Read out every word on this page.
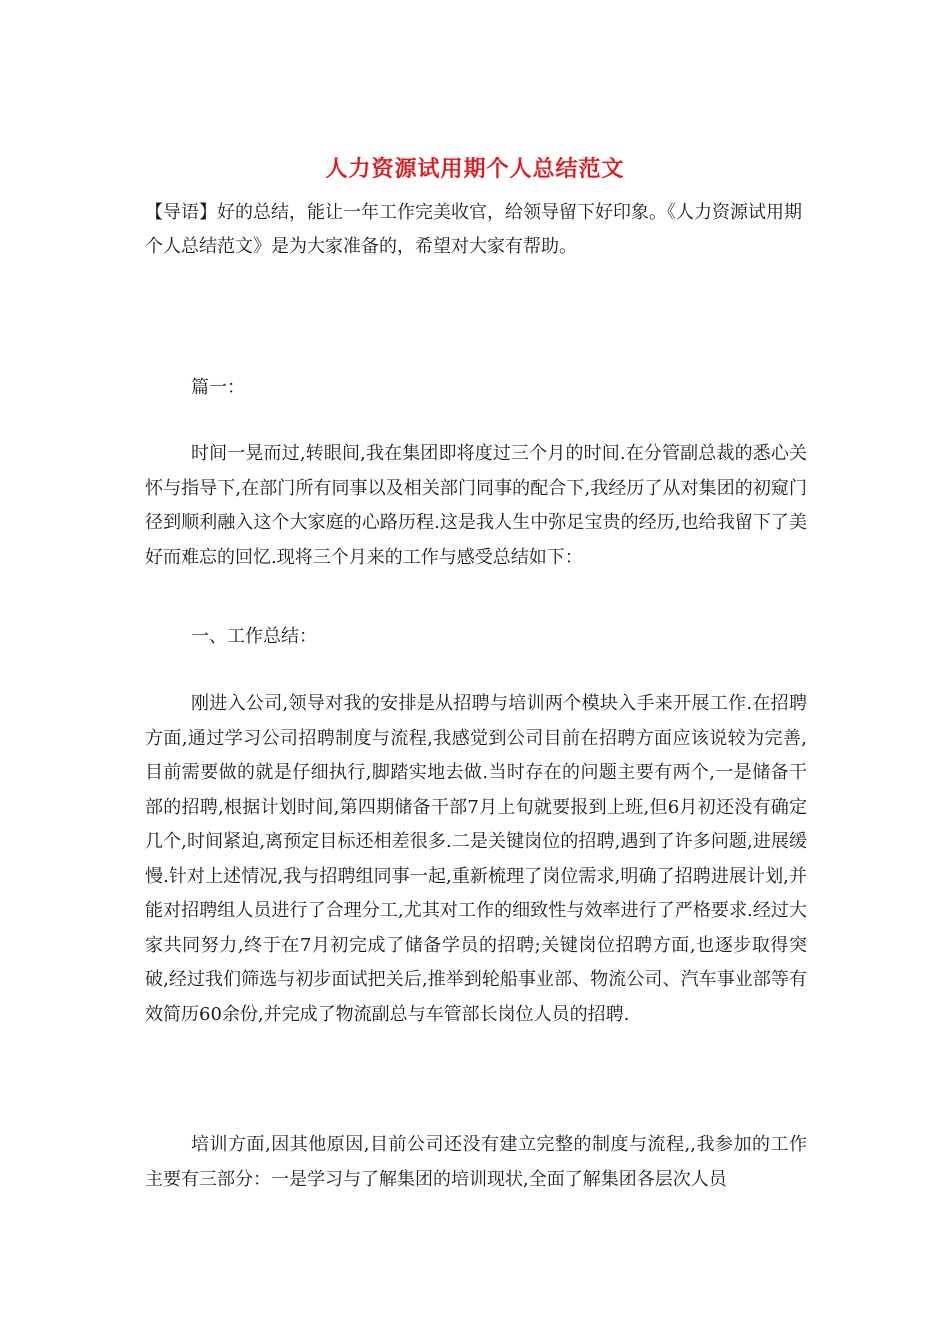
人力资源试用期个人总结范文

【导语】好的总结，能让一年工作完美收官，给领导留下好印象。《人力资源试用期个人总结范文》是为大家准备的，希望对大家有帮助。

篇一：

时间一晃而过,转眼间,我在集团即将度过三个月的时间.在分管副总裁的悉心关怀与指导下,在部门所有同事以及相关部门同事的配合下,我经历了从对集团的初窥门径到顺利融入这个大家庭的心路历程.这是我人生中弥足宝贵的经历,也给我留下了美好而难忘的回忆.现将三个月来的工作与感受总结如下：

一、工作总结：

刚进入公司,领导对我的安排是从招聘与培训两个模块入手来开展工作.在招聘方面,通过学习公司招聘制度与流程,我感觉到公司目前在招聘方面应该说较为完善,目前需要做的就是仔细执行,脚踏实地去做.当时存在的问题主要有两个,一是储备干部的招聘,根据计划时间,第四期储备干部7月上旬就要报到上班,但6月初还没有确定几个,时间紧迫,离预定目标还相差很多.二是关键岗位的招聘,遇到了许多问题,进展缓慢.针对上述情况,我与招聘组同事一起,重新梳理了岗位需求,明确了招聘进展计划,并能对招聘组人员进行了合理分工,尤其对工作的细致性与效率进行了严格要求.经过大家共同努力,终于在7月初完成了储备学员的招聘;关键岗位招聘方面,也逐步取得突破,经过我们筛选与初步面试把关后,推举到轮船事业部、物流公司、汽车事业部等有效简历60余份,并完成了物流副总与车管部长岗位人员的招聘.

培训方面,因其他原因,目前公司还没有建立完整的制度与流程,,我参加的工作主要有三部分：一是学习与了解集团的培训现状,全面了解集团各层次人员
